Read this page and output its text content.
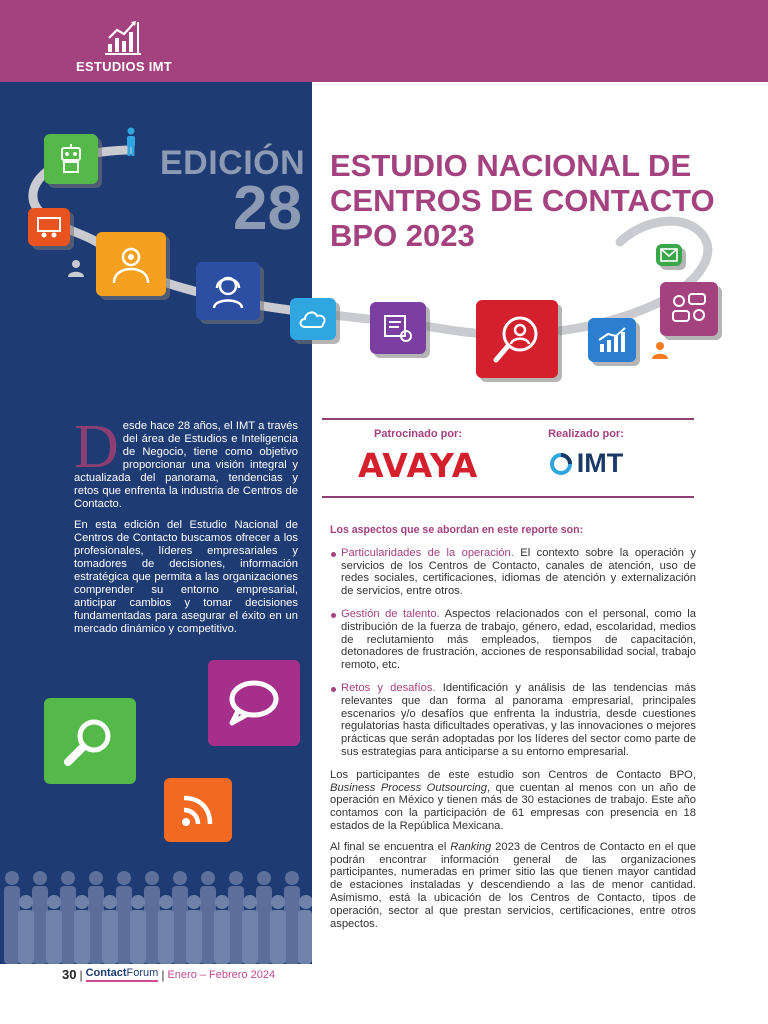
ESTUDIOS IMT
EDICIÓN
28
ESTUDIO NACIONAL DE
CENTROS DE CONTACTO
BPO 2023

Desde hace 28 años, el IMT a través del área de Estudios e Inteligencia de Negocio, tiene como objetivo proporcionar una visión integral y actualizada del panorama, tendencias y retos que enfrenta la industria de Centros de Contacto.

En esta edición del Estudio Nacional de Centros de Contacto buscamos ofrecer a los profesionales, líderes empresariales y tomadores de decisiones, información estratégica que permita a las organizaciones comprender su entorno empresarial, anticipar cambios y tomar decisiones fundamentadas para asegurar el éxito en un mercado dinámico y competitivo.

Patrocinado por:
AVAYA
Realizado por:
IMT
Los aspectos que se abordan en este reporte son:
Particularidades de la operación. El contexto sobre la operación y servicios de los Centros de Contacto, canales de atención, uso de redes sociales, certificaciones, idiomas de atención y externalización de servicios, entre otros.
Gestión de talento. Aspectos relacionados con el personal, como la distribución de la fuerza de trabajo, género, edad, escolaridad, medios de reclutamiento más empleados, tiempos de capacitación, detonadores de frustración, acciones de responsabilidad social, trabajo remoto, etc.
Retos y desafíos. Identificación y análisis de las tendencias más relevantes que dan forma al panorama empresarial, principales escenarios y/o desafíos que enfrenta la industria, desde cuestiones regulatorias hasta dificultades operativas, y las innovaciones o mejores prácticas que serán adoptadas por los líderes del sector como parte de sus estrategias para anticiparse a su entorno empresarial.

Los participantes de este estudio son Centros de Contacto BPO, Business Process Outsourcing, que cuentan al menos con un año de operación en México y tienen más de 30 estaciones de trabajo. Este año contamos con la participación de 61 empresas con presencia en 18 estados de la República Mexicana.

Al final se encuentra el Ranking 2023 de Centros de Contacto en el que podrán encontrar información general de las organizaciones participantes, numeradas en primer sitio las que tienen mayor cantidad de estaciones instaladas y descendiendo a las de menor cantidad. Asimismo, está la ubicación de los Centros de Contacto, tipos de operación, sector al que prestan servicios, certificaciones, entre otros aspectos.

30 | ContactForum | Enero – Febrero 2024
